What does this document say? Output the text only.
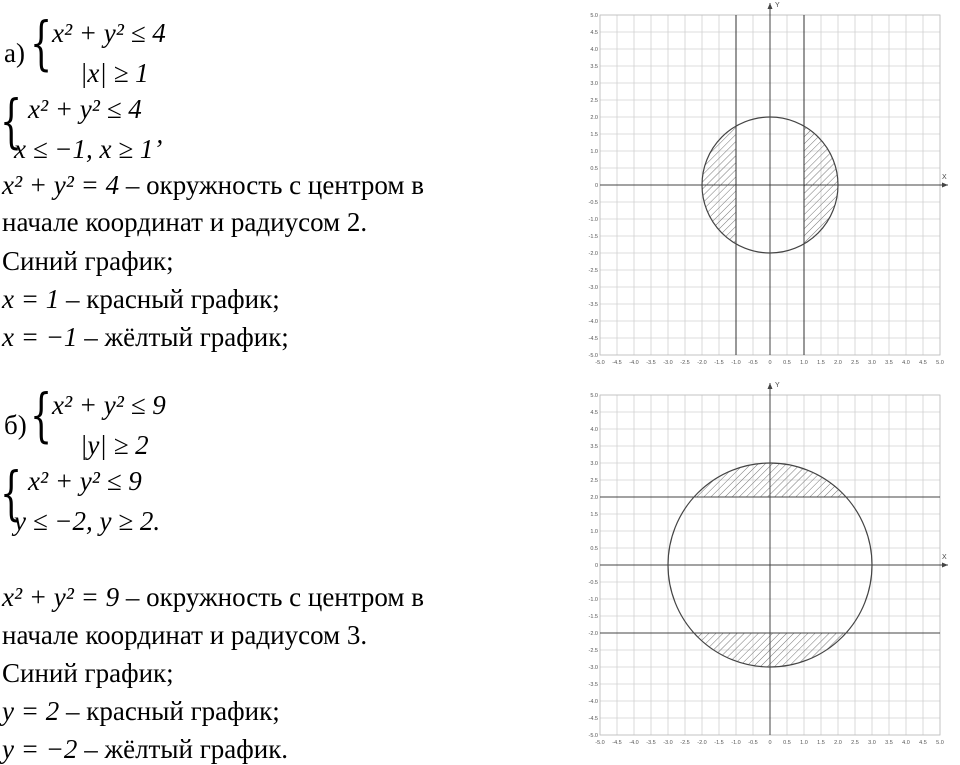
а) { x² + y² ≤ 4
|x| ≥ 1
{ x² + y² ≤ 4
x ≤ −1, x ≥ 1’
x² + y² = 4 – окружность с центром в
начале координат и радиусом 2.
Синий график;
x = 1 – красный график;
x = −1 – жёлтый график;
б) { x² + y² ≤ 9
|y| ≥ 2
{ x² + y² ≤ 9
y ≤ −2, y ≥ 2.
x² + y² = 9 – окружность с центром в
начале координат и радиусом 3.
Синий график;
y = 2 – красный график;
y = −2 – жёлтый график.
X
Y
-5.0
-5.0
-4.5
-4.5
-4.0
-4.0
-3.5
-3.5
-3.0
-3.0
-2.5
-2.5
-2.0
-2.0
-1.5
-1.5
-1.0
-1.0
-0.5
-0.5
0
0
0.5
0.5
1.0
1.0
1.5
1.5
2.0
2.0
2.5
2.5
3.0
3.0
3.5
3.5
4.0
4.0
4.5
4.5
5.0
5.0
X
Y
-5.0
-5.0
-4.5
-4.5
-4.0
-4.0
-3.5
-3.5
-3.0
-3.0
-2.5
-2.5
-2.0
-2.0
-1.5
-1.5
-1.0
-1.0
-0.5
-0.5
0
0
0.5
0.5
1.0
1.0
1.5
1.5
2.0
2.0
2.5
2.5
3.0
3.0
3.5
3.5
4.0
4.0
4.5
4.5
5.0
5.0
